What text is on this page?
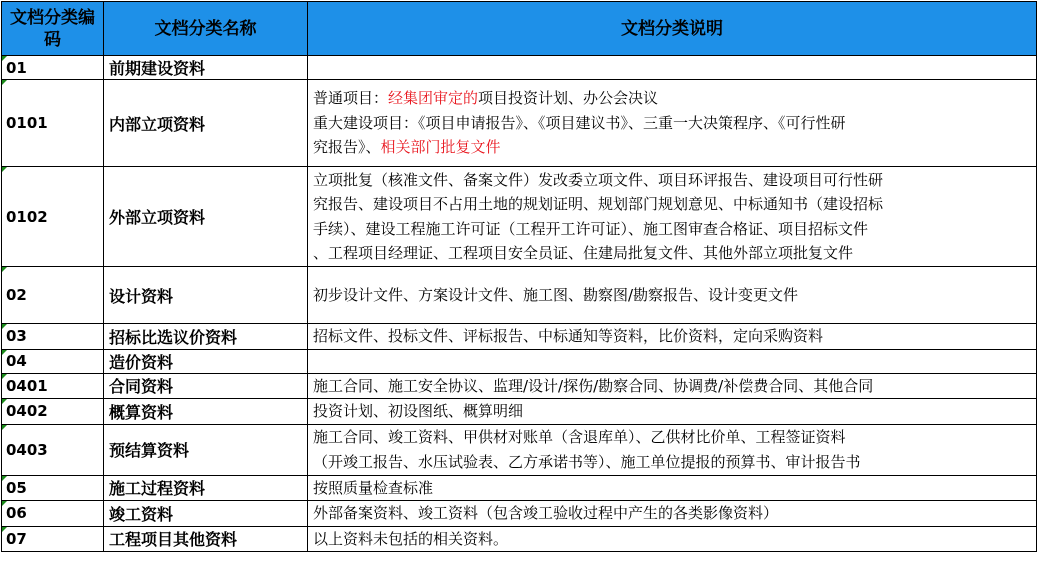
文档分类编码	文档分类名称	文档分类说明
01	前期建设资料	

0101	内部立项资料	普通项目：经集团审定的项目投资计划、办公会决议
重大建设项目：《项目申请报告》、《项目建议书》、三重一大决策程序、《可行性研
究报告》、相关部门批复文件

0102	外部立项资料	立项批复（核准文件、备案文件）发改委立项文件、项目环评报告、建设项目可行性研
究报告、建设项目不占用土地的规划证明、规划部门规划意见、中标通知书（建设招标
手续）、建设工程施工许可证（工程开工许可证）、施工图审查合格证、项目招标文件
、工程项目经理证、工程项目安全员证、住建局批复文件、其他外部立项批复文件

02	设计资料	初步设计文件、方案设计文件、施工图、勘察图/勘察报告、设计变更文件

03	招标比选议价资料	招标文件、投标文件、评标报告、中标通知等资料，比价资料，定向采购资料

04	造价资料	

0401	合同资料	施工合同、施工安全协议、监理/设计/探伤/勘察合同、协调费/补偿费合同、其他合同

0402	概算资料	投资计划、初设图纸、概算明细

0403	预结算资料	施工合同、竣工资料、甲供材对账单（含退库单）、乙供材比价单、工程签证资料
（开竣工报告、水压试验表、乙方承诺书等）、施工单位提报的预算书、审计报告书

05	施工过程资料	按照质量检查标准

06	竣工资料	外部备案资料、竣工资料（包含竣工验收过程中产生的各类影像资料）

07	工程项目其他资料	以上资料未包括的相关资料。
